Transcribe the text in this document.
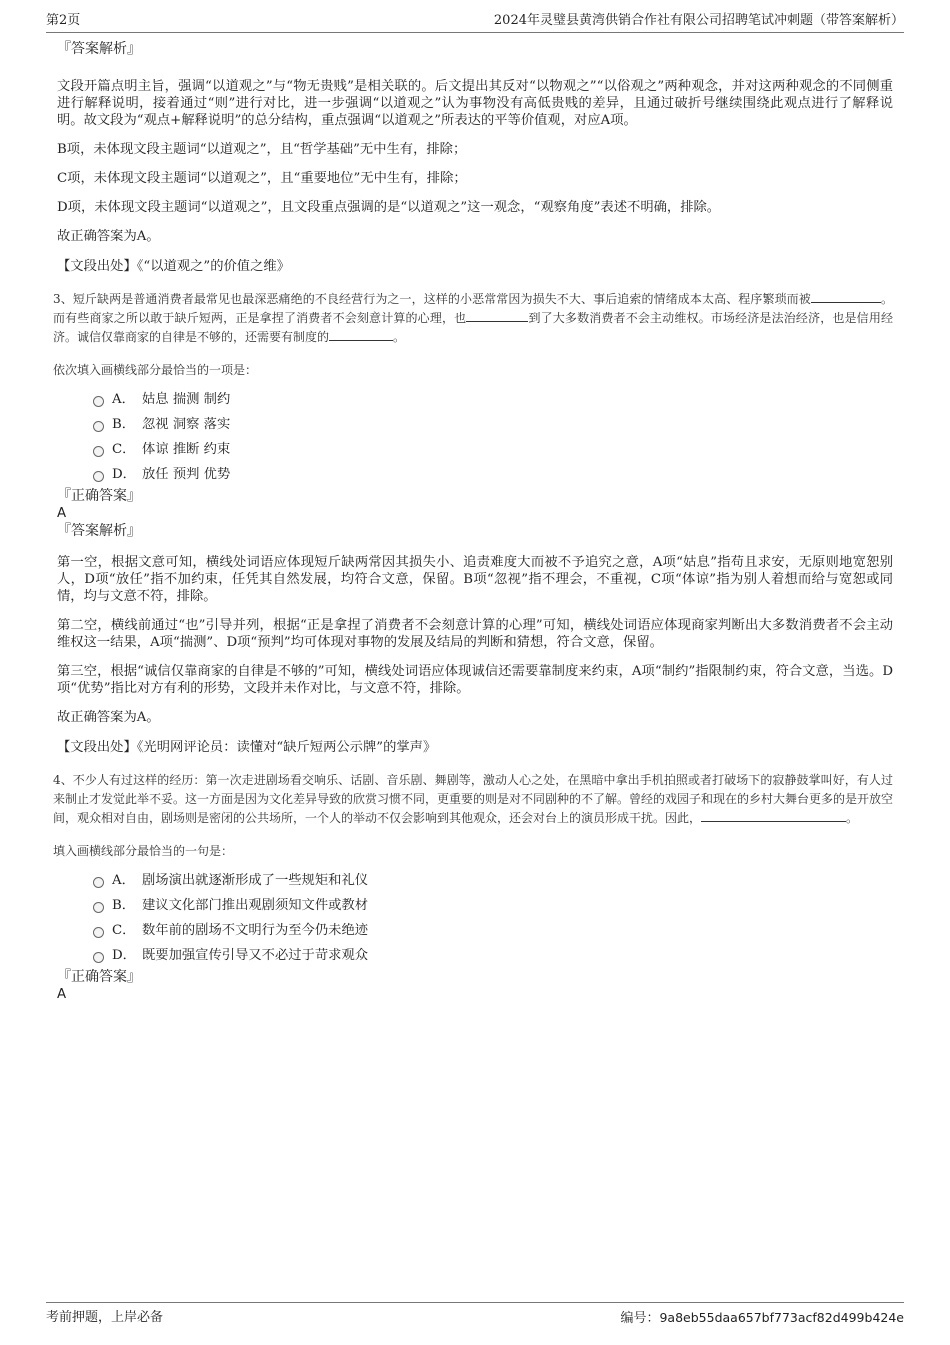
第2页	2024年灵璧县黄湾供销合作社有限公司招聘笔试冲刺题（带答案解析）
『答案解析』
文段开篇点明主旨，强调“以道观之”与“物无贵贱”是相关联的。后文提出其反对“以物观之”“以俗观之”两种观念，并对这两种观念的不同侧重进行解释说明，接着通过“则”进行对比，进一步强调“以道观之”认为事物没有高低贵贱的差异，且通过破折号继续围绕此观点进行了解释说明。故文段为“观点+解释说明”的总分结构，重点强调“以道观之”所表达的平等价值观，对应A项。
B项，未体现文段主题词“以道观之”，且“哲学基础”无中生有，排除；
C项，未体现文段主题词“以道观之”，且“重要地位”无中生有，排除；
D项，未体现文段主题词“以道观之”，且文段重点强调的是“以道观之”这一观念，“观察角度”表述不明确，排除。
故正确答案为A。
【文段出处】《“以道观之”的价值之维》
3、短斤缺两是普通消费者最常见也最深恶痛绝的不良经营行为之一，这样的小恶常常因为损失不大、事后追索的情绪成本太高、程序繁琐而被	。而有些商家之所以敢于缺斤短两，正是拿捏了消费者不会刻意计算的心理，也	到了大多数消费者不会主动维权。市场经济是法治经济，也是信用经济。诚信仅靠商家的自律是不够的，还需要有制度的	。
依次填入画横线部分最恰当的一项是：
A． 姑息 揣测 制约
B． 忽视 洞察 落实
C． 体谅 推断 约束
D． 放任 预判 优势
『正确答案』
A
『答案解析』
第一空，根据文意可知，横线处词语应体现短斤缺两常因其损失小、追责难度大而被不予追究之意，A项“姑息”指苟且求安，无原则地宽恕别人，D项“放任”指不加约束，任凭其自然发展，均符合文意，保留。B项“忽视”指不理会，不重视，C项“体谅”指为别人着想而给与宽恕或同情，均与文意不符，排除。
第二空，横线前通过“也”引导并列，根据“正是拿捏了消费者不会刻意计算的心理”可知，横线处词语应体现商家判断出大多数消费者不会主动维权这一结果，A项“揣测”、D项“预判”均可体现对事物的发展及结局的判断和猜想，符合文意，保留。
第三空，根据“诚信仅靠商家的自律是不够的”可知，横线处词语应体现诚信还需要靠制度来约束，A项“制约”指限制约束，符合文意，当选。D项“优势”指比对方有利的形势，文段并未作对比，与文意不符，排除。
故正确答案为A。
【文段出处】《光明网评论员：读懂对“缺斤短两公示牌”的掌声》
4、不少人有过这样的经历：第一次走进剧场看交响乐、话剧、音乐剧、舞剧等，激动人心之处，在黑暗中拿出手机拍照或者打破场下的寂静鼓掌叫好，有人过来制止才发觉此举不妥。这一方面是因为文化差异导致的欣赏习惯不同，更重要的则是对不同剧种的不了解。曾经的戏园子和现在的乡村大舞台更多的是开放空间，观众相对自由，剧场则是密闭的公共场所，一个人的举动不仅会影响到其他观众，还会对台上的演员形成干扰。因此，	。
填入画横线部分最恰当的一句是：
A． 剧场演出就逐渐形成了一些规矩和礼仪
B． 建议文化部门推出观剧须知文件或教材
C． 数年前的剧场不文明行为至今仍未绝迹
D． 既要加强宣传引导又不必过于苛求观众
『正确答案』
A
考前押题，上岸必备	编号：9a8eb55daa657bf773acf82d499b424e
